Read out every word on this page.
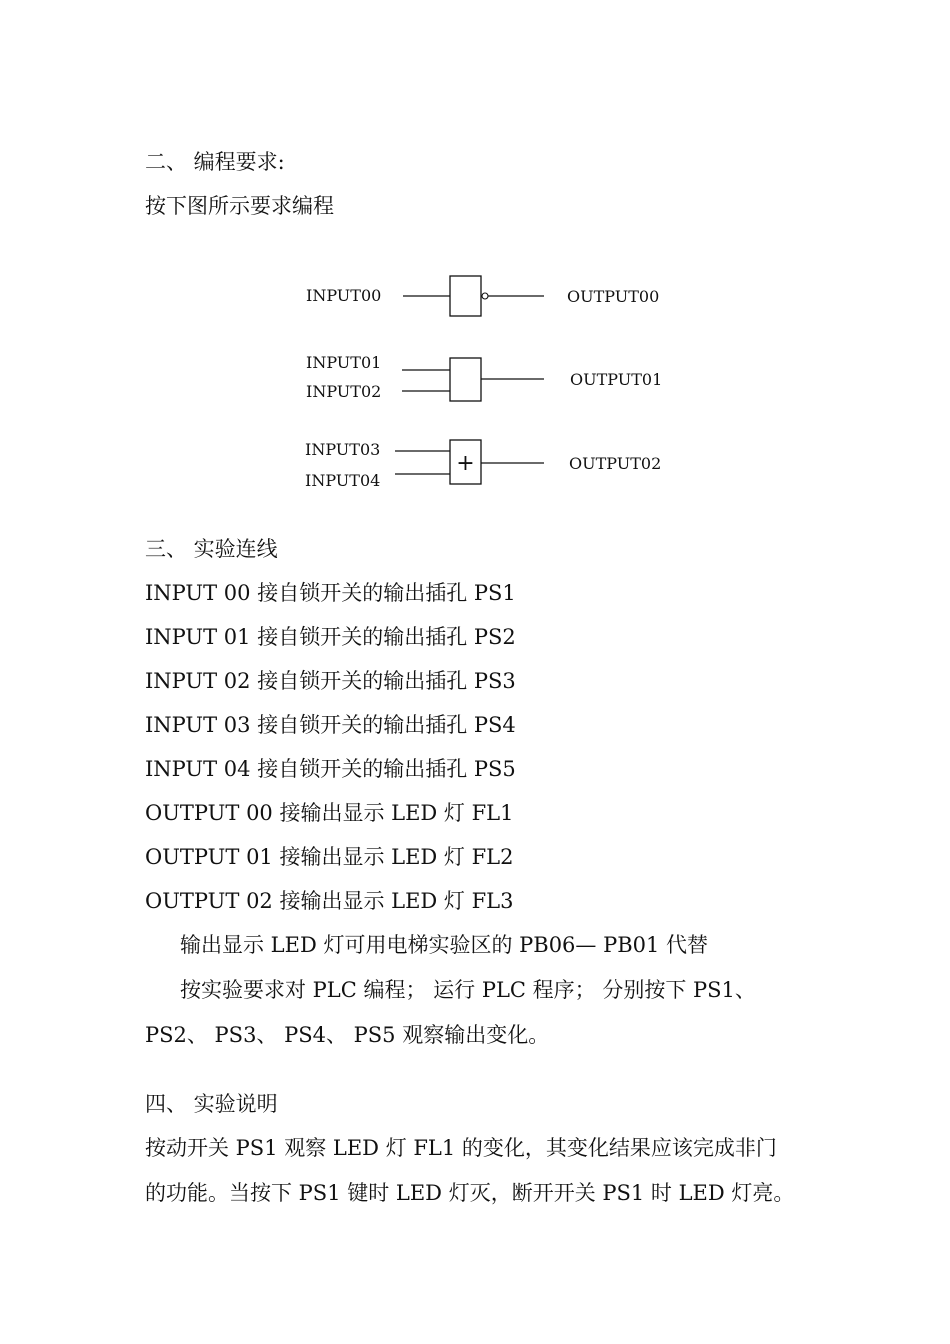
二、 编程要求:
按下图所示要求编程
INPUT00	OUTPUT00
INPUT01
INPUT02
OUTPUT01
INPUT03
INPUT04
+	OUTPUT02
三、 实验连线
INPUT 00 接自锁开关的输出插孔 PS1
INPUT 01 接自锁开关的输出插孔 PS2
INPUT 02 接自锁开关的输出插孔 PS3
INPUT 03 接自锁开关的输出插孔 PS4
INPUT 04 接自锁开关的输出插孔 PS5
OUTPUT 00 接输出显示 LED 灯 FL1
OUTPUT 01 接输出显示 LED 灯 FL2
OUTPUT 02 接输出显示 LED 灯 FL3
输出显示 LED 灯可用电梯实验区的 PB06— PB01 代替
按实验要求对 PLC 编程； 运行 PLC 程序； 分别按下 PS1、
PS2、 PS3、 PS4、 PS5 观察输出变化。
四、 实验说明
按动开关 PS1 观察 LED 灯 FL1 的变化，其变化结果应该完成非门
的功能。当按下 PS1 键时 LED 灯灭，断开开关 PS1 时 LED 灯亮。
